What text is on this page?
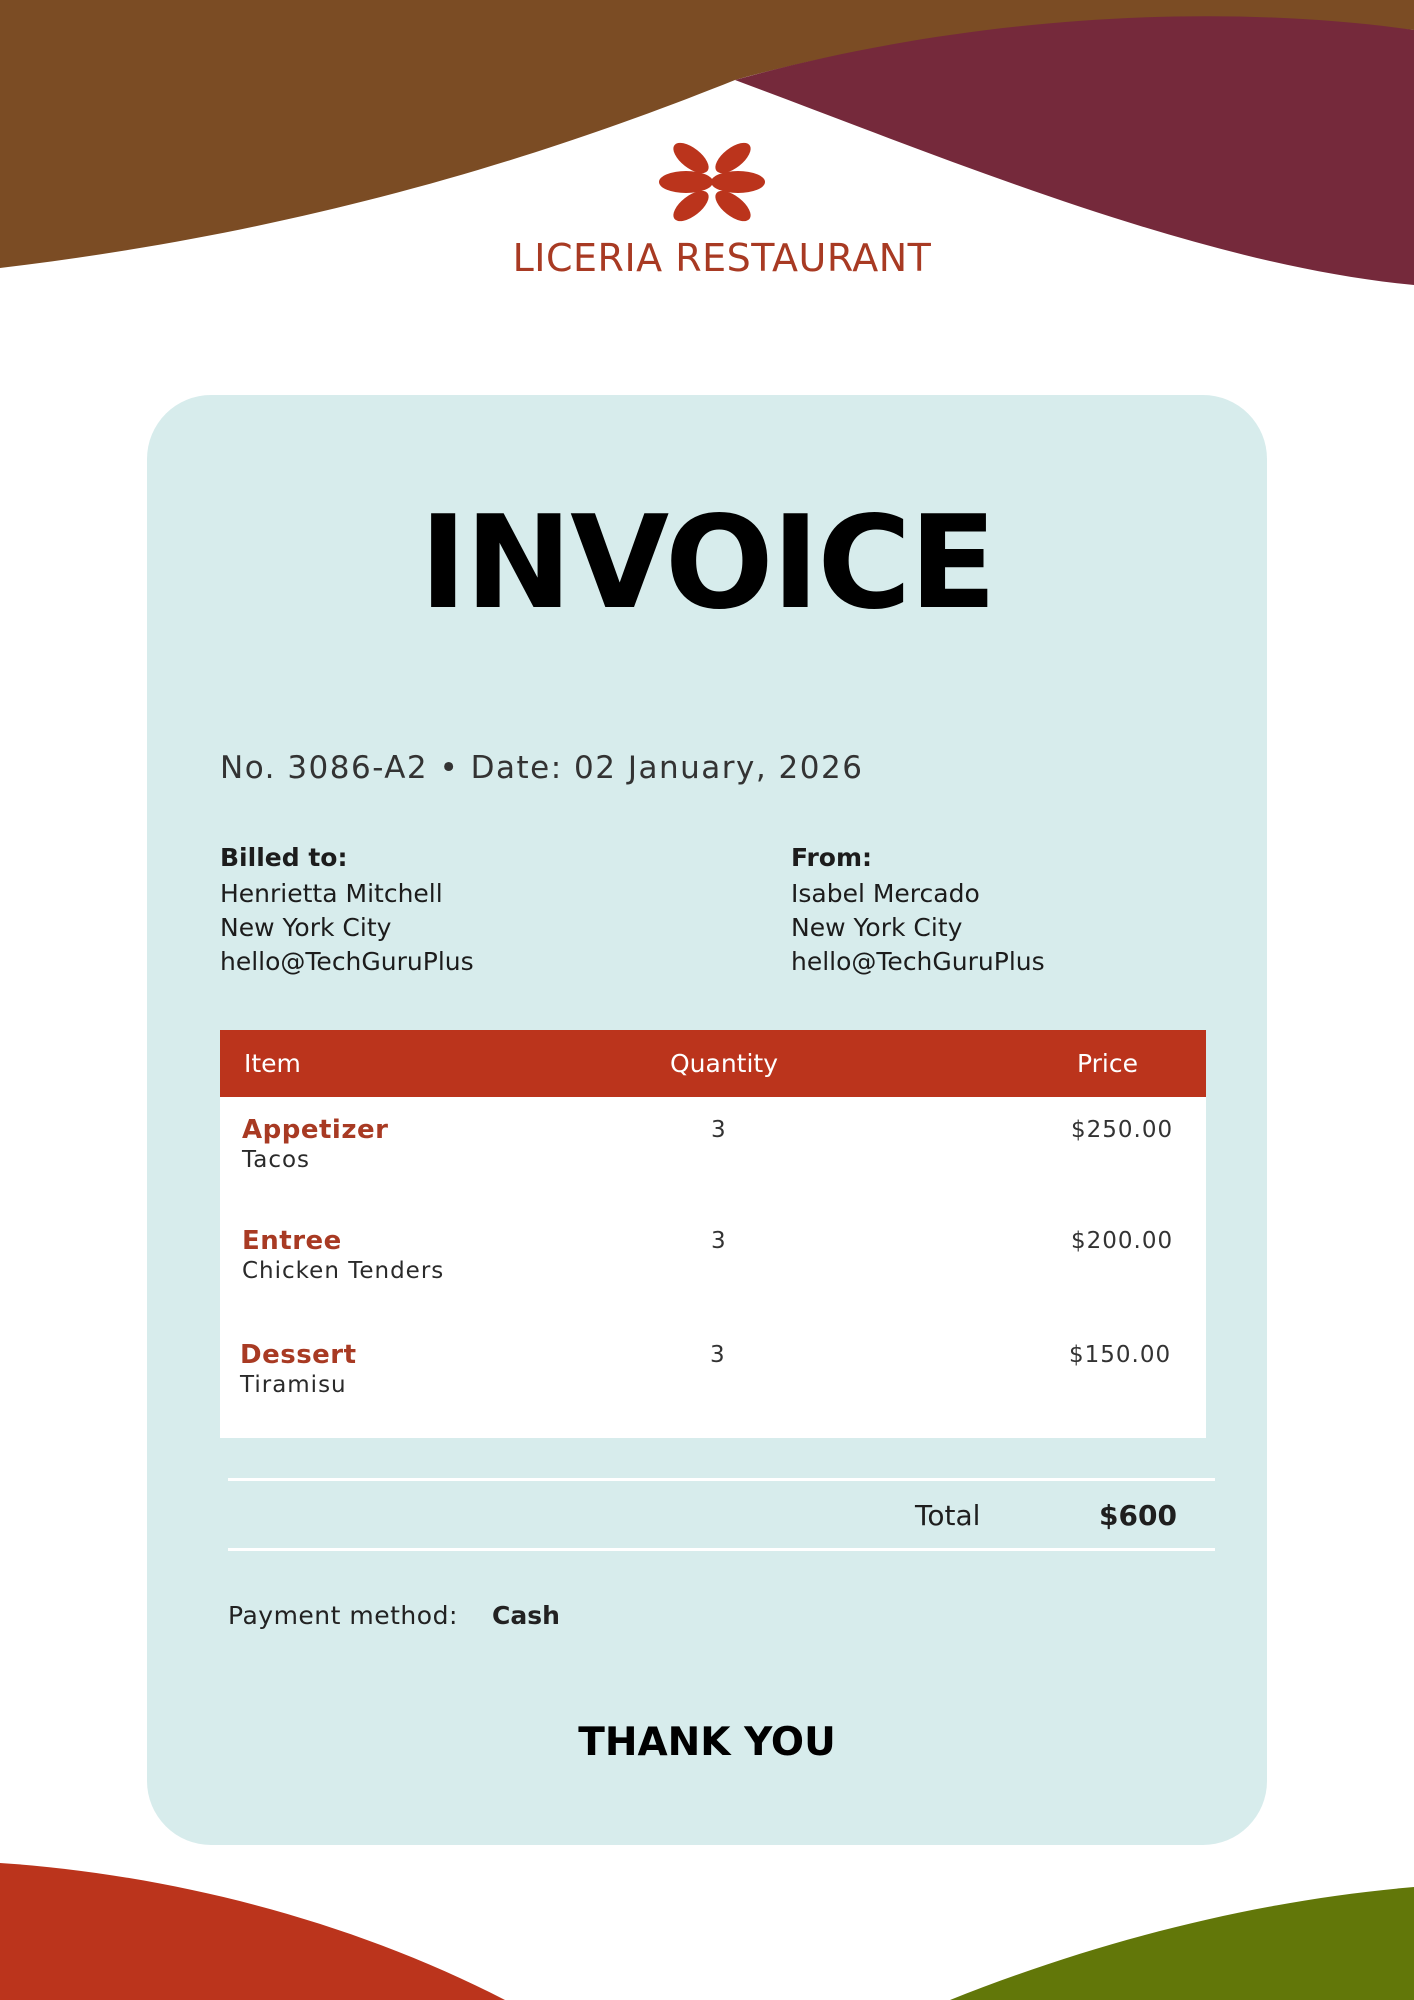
LICERIA RESTAURANT
INVOICE
No. 3086-A2 • Date: 02 January, 2026
Billed to:
Henrietta Mitchell
New York City
hello@TechGuruPlus
From:
Isabel Mercado
New York City
hello@TechGuruPlus
Item	Quantity	Price
Appetizer
Tacos
3	$250.00
Entree
Chicken Tenders
3	$200.00
Dessert
Tiramisu
3	$150.00
Total	$600
Payment method: Cash
THANK YOU
